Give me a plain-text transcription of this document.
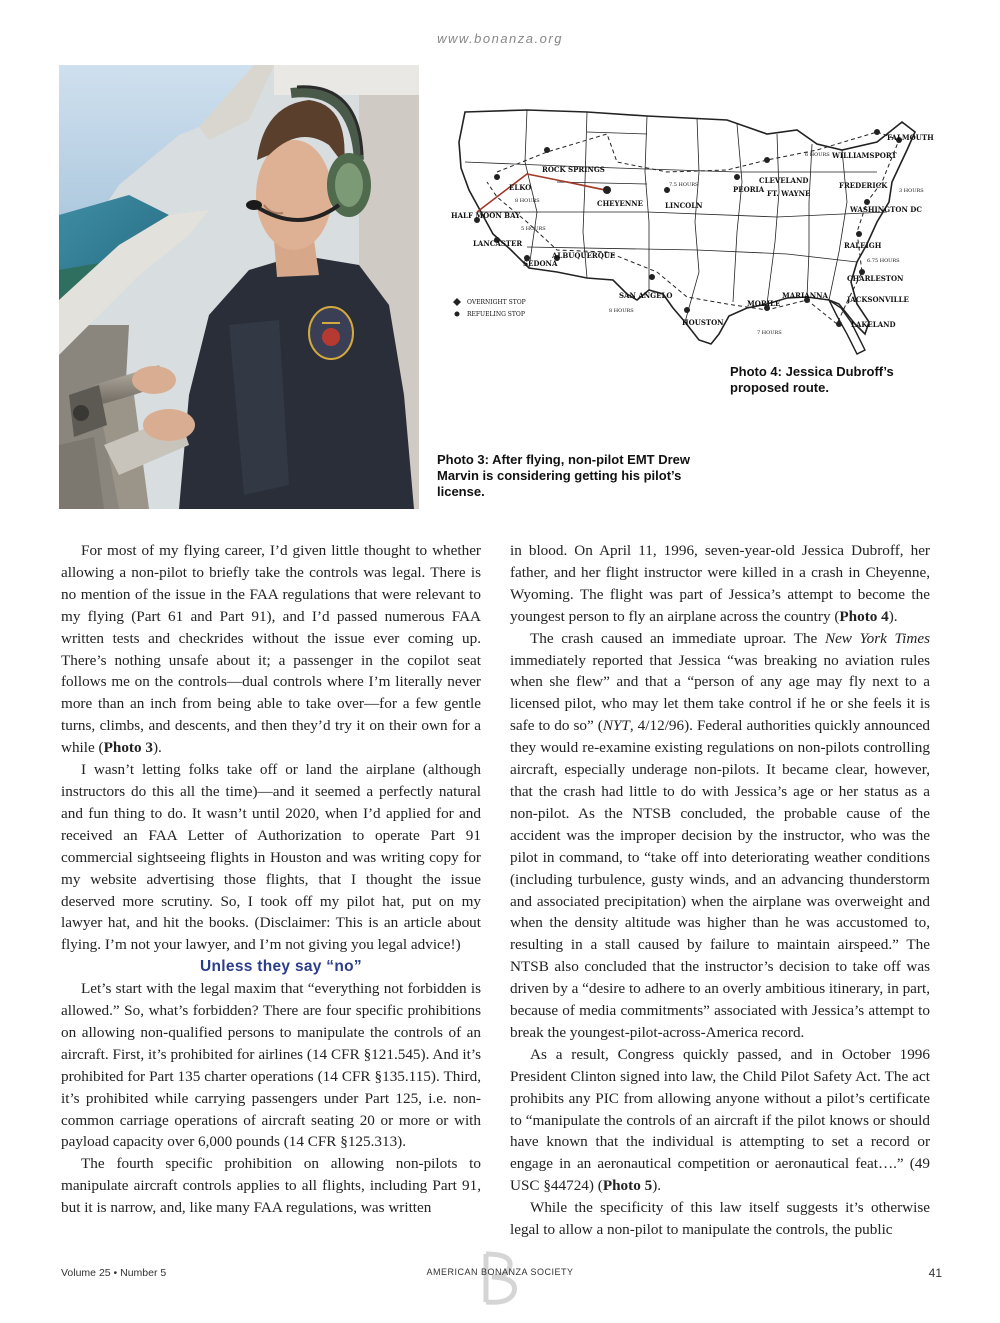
www.bonanza.org
FALMOUTH
WILLIAMSPORT
CLEVELAND
FREDERICK
WASHINGTON DC
RALEIGH
CHARLESTON
JACKSONVILLE
LAKELAND
MARIANNA
MOBILE
HOUSTON
SAN ANGELO
ALBUQUERQUE
SEDONA
LANCASTER
HALF MOON BAY
ELKO
ROCK SPRINGS
CHEYENNE	LINCOLN
PEORIA FT. WAYNE
6 HOURS
7.5 HOURS
8 HOURS
5 HOURS
3 HOURS
6.75 HOURS
8 HOURS
7 HOURS
OVERNIGHT STOP
REFUELING STOP
Photo 4: Jessica Dubroff’s proposed route.
Photo 3: After flying, non-pilot EMT Drew Marvin is considering getting his pilot’s license.

For most of my flying career, I’d given little thought to whether allowing a non-pilot to briefly take the controls was legal. There is no mention of the issue in the FAA regulations that were relevant to my flying (Part 61 and Part 91), and I’d passed numerous FAA written tests and checkrides without the issue ever coming up. There’s nothing unsafe about it; a passenger in the copilot seat follows me on the controls—dual controls where I’m literally never more than an inch from being able to take over—for a few gentle turns, climbs, and descents, and then they’d try it on their own for a while (Photo 3).

I wasn’t letting folks take off or land the airplane (although instructors do this all the time)—and it seemed a perfectly natural and fun thing to do. It wasn’t until 2020, when I’d applied for and received an FAA Letter of Authorization to operate Part 91 commercial sightseeing flights in Houston and was writing copy for my website advertising those flights, that I thought the issue deserved more scrutiny. So, I took off my pilot hat, put on my lawyer hat, and hit the books. (Disclaimer: This is an article about flying. I’m not your lawyer, and I’m not giving you legal advice!)

Unless they say “no”

Let’s start with the legal maxim that “everything not forbidden is allowed.” So, what’s forbidden? There are four specific prohibitions on allowing non-qualified persons to manipulate the controls of an aircraft. First, it’s prohibited for airlines (14 CFR §121.545). And it’s prohibited for Part 135 charter operations (14 CFR §135.115). Third, it’s prohibited while carrying passengers under Part 125, i.e. non-common carriage operations of aircraft seating 20 or more or with payload capacity over 6,000 pounds (14 CFR §125.313).

The fourth specific prohibition on allowing non-pilots to manipulate aircraft controls applies to all flights, including Part 91, but it is narrow, and, like many FAA regulations, was written

in blood. On April 11, 1996, seven-year-old Jessica Dubroff, her father, and her flight instructor were killed in a crash in Cheyenne, Wyoming. The flight was part of Jessica’s attempt to become the youngest person to fly an airplane across the country (Photo 4).

The crash caused an immediate uproar. The New York Times immediately reported that Jessica “was breaking no aviation rules when she flew” and that a “person of any age may fly next to a licensed pilot, who may let them take control if he or she feels it is safe to do so” (NYT, 4/12/96). Federal authorities quickly announced they would re-examine existing regulations on non-pilots controlling aircraft, especially underage non-pilots. It became clear, however, that the crash had little to do with Jessica’s age or her status as a non-pilot. As the NTSB concluded, the probable cause of the accident was the improper decision by the instructor, who was the pilot in command, to “take off into deteriorating weather conditions (including turbulence, gusty winds, and an advancing thunderstorm and associated precipitation) when the airplane was overweight and when the density altitude was higher than he was accustomed to, resulting in a stall caused by failure to maintain airspeed.” The NTSB also concluded that the instructor’s decision to take off was driven by a “desire to adhere to an overly ambitious itinerary, in part, because of media commitments” associated with Jessica’s attempt to break the youngest-pilot-across-America record.

As a result, Congress quickly passed, and in October 1996 President Clinton signed into law, the Child Pilot Safety Act. The act prohibits any PIC from allowing anyone without a pilot’s certificate to “manipulate the controls of an aircraft if the pilot knows or should have known that the individual is attempting to set a record or engage in an aeronautical competition or aeronautical feat….” (49 USC §44724) (Photo 5).

While the specificity of this law itself suggests it’s otherwise legal to allow a non-pilot to manipulate the controls, the public

Volume 25 • Number 5	AMERICAN BONANZA SOCIETY	41
